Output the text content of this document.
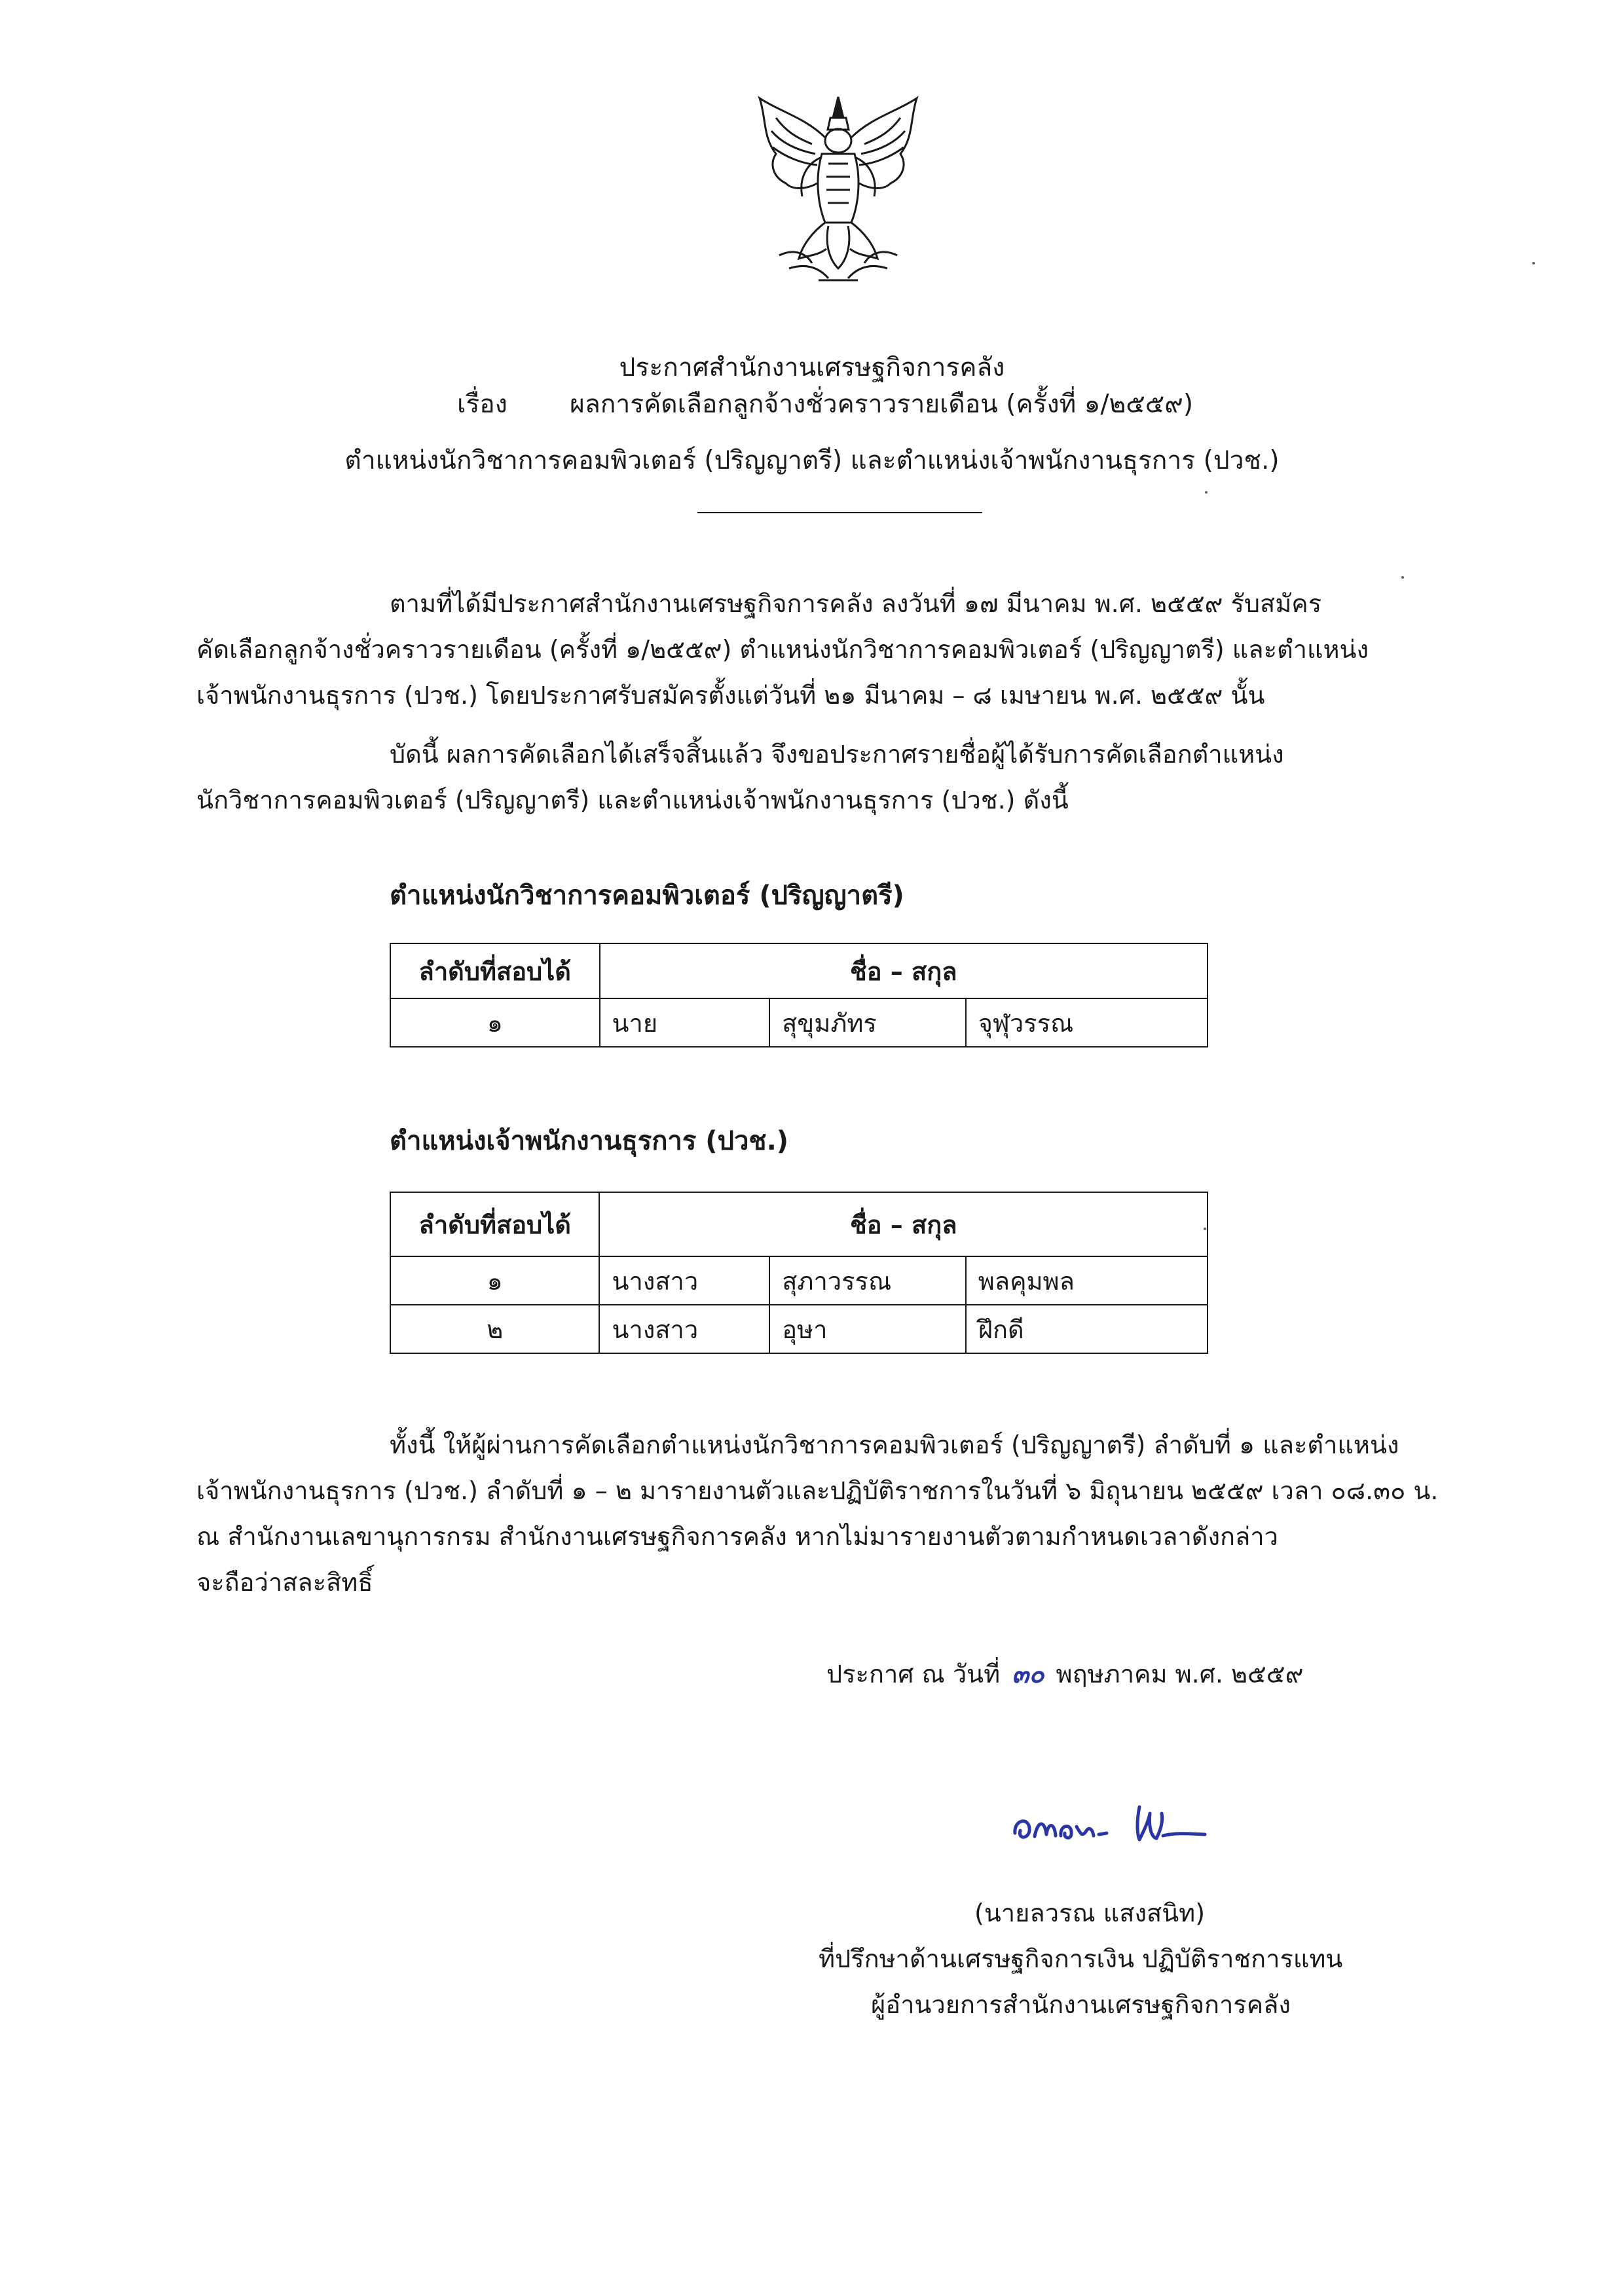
ประกาศสำนักงานเศรษฐกิจการคลัง
เรื่อง ผลการคัดเลือกลูกจ้างชั่วคราวรายเดือน (ครั้งที่ ๑/๒๕๕๙)
ตำแหน่งนักวิชาการคอมพิวเตอร์ (ปริญญาตรี) และตำแหน่งเจ้าพนักงานธุรการ (ปวช.)
ตามที่ได้มีประกาศสำนักงานเศรษฐกิจการคลัง ลงวันที่ ๑๗ มีนาคม พ.ศ. ๒๕๕๙ รับสมัคร
คัดเลือกลูกจ้างชั่วคราวรายเดือน (ครั้งที่ ๑/๒๕๕๙) ตำแหน่งนักวิชาการคอมพิวเตอร์ (ปริญญาตรี) และตำแหน่ง
เจ้าพนักงานธุรการ (ปวช.) โดยประกาศรับสมัครตั้งแต่วันที่ ๒๑ มีนาคม – ๘ เมษายน พ.ศ. ๒๕๕๙ นั้น
บัดนี้ ผลการคัดเลือกได้เสร็จสิ้นแล้ว จึงขอประกาศรายชื่อผู้ได้รับการคัดเลือกตำแหน่ง
นักวิชาการคอมพิวเตอร์ (ปริญญาตรี) และตำแหน่งเจ้าพนักงานธุรการ (ปวช.) ดังนี้
ตำแหน่งนักวิชาการคอมพิวเตอร์ (ปริญญาตรี)
ลำดับที่สอบได้	ชื่อ – สกุล		
๑	นาย	สุขุมภัทร	จุฬุวรรณ
ตำแหน่งเจ้าพนักงานธุรการ (ปวช.)
ลำดับที่สอบได้	ชื่อ – สกุล		
๑	นางสาว	สุภาวรรณ	พลคุมพล
๒	นางสาว	อุษา	ฝึกดี
ทั้งนี้ ให้ผู้ผ่านการคัดเลือกตำแหน่งนักวิชาการคอมพิวเตอร์ (ปริญญาตรี) ลำดับที่ ๑ และตำแหน่ง
เจ้าพนักงานธุรการ (ปวช.) ลำดับที่ ๑ – ๒ มารายงานตัวและปฏิบัติราชการในวันที่ ๖ มิถุนายน ๒๕๕๙ เวลา ๐๘.๓๐ น.
ณ สำนักงานเลขานุการกรม สำนักงานเศรษฐกิจการคลัง หากไม่มารายงานตัวตามกำหนดเวลาดังกล่าว
จะถือว่าสละสิทธิ์
ประกาศ ณ วันที่ ๓๐ พฤษภาคม พ.ศ. ๒๕๕๙
(นายลวรณ แสงสนิท)
ที่ปรึกษาด้านเศรษฐกิจการเงิน ปฏิบัติราชการแทน
ผู้อำนวยการสำนักงานเศรษฐกิจการคลัง
